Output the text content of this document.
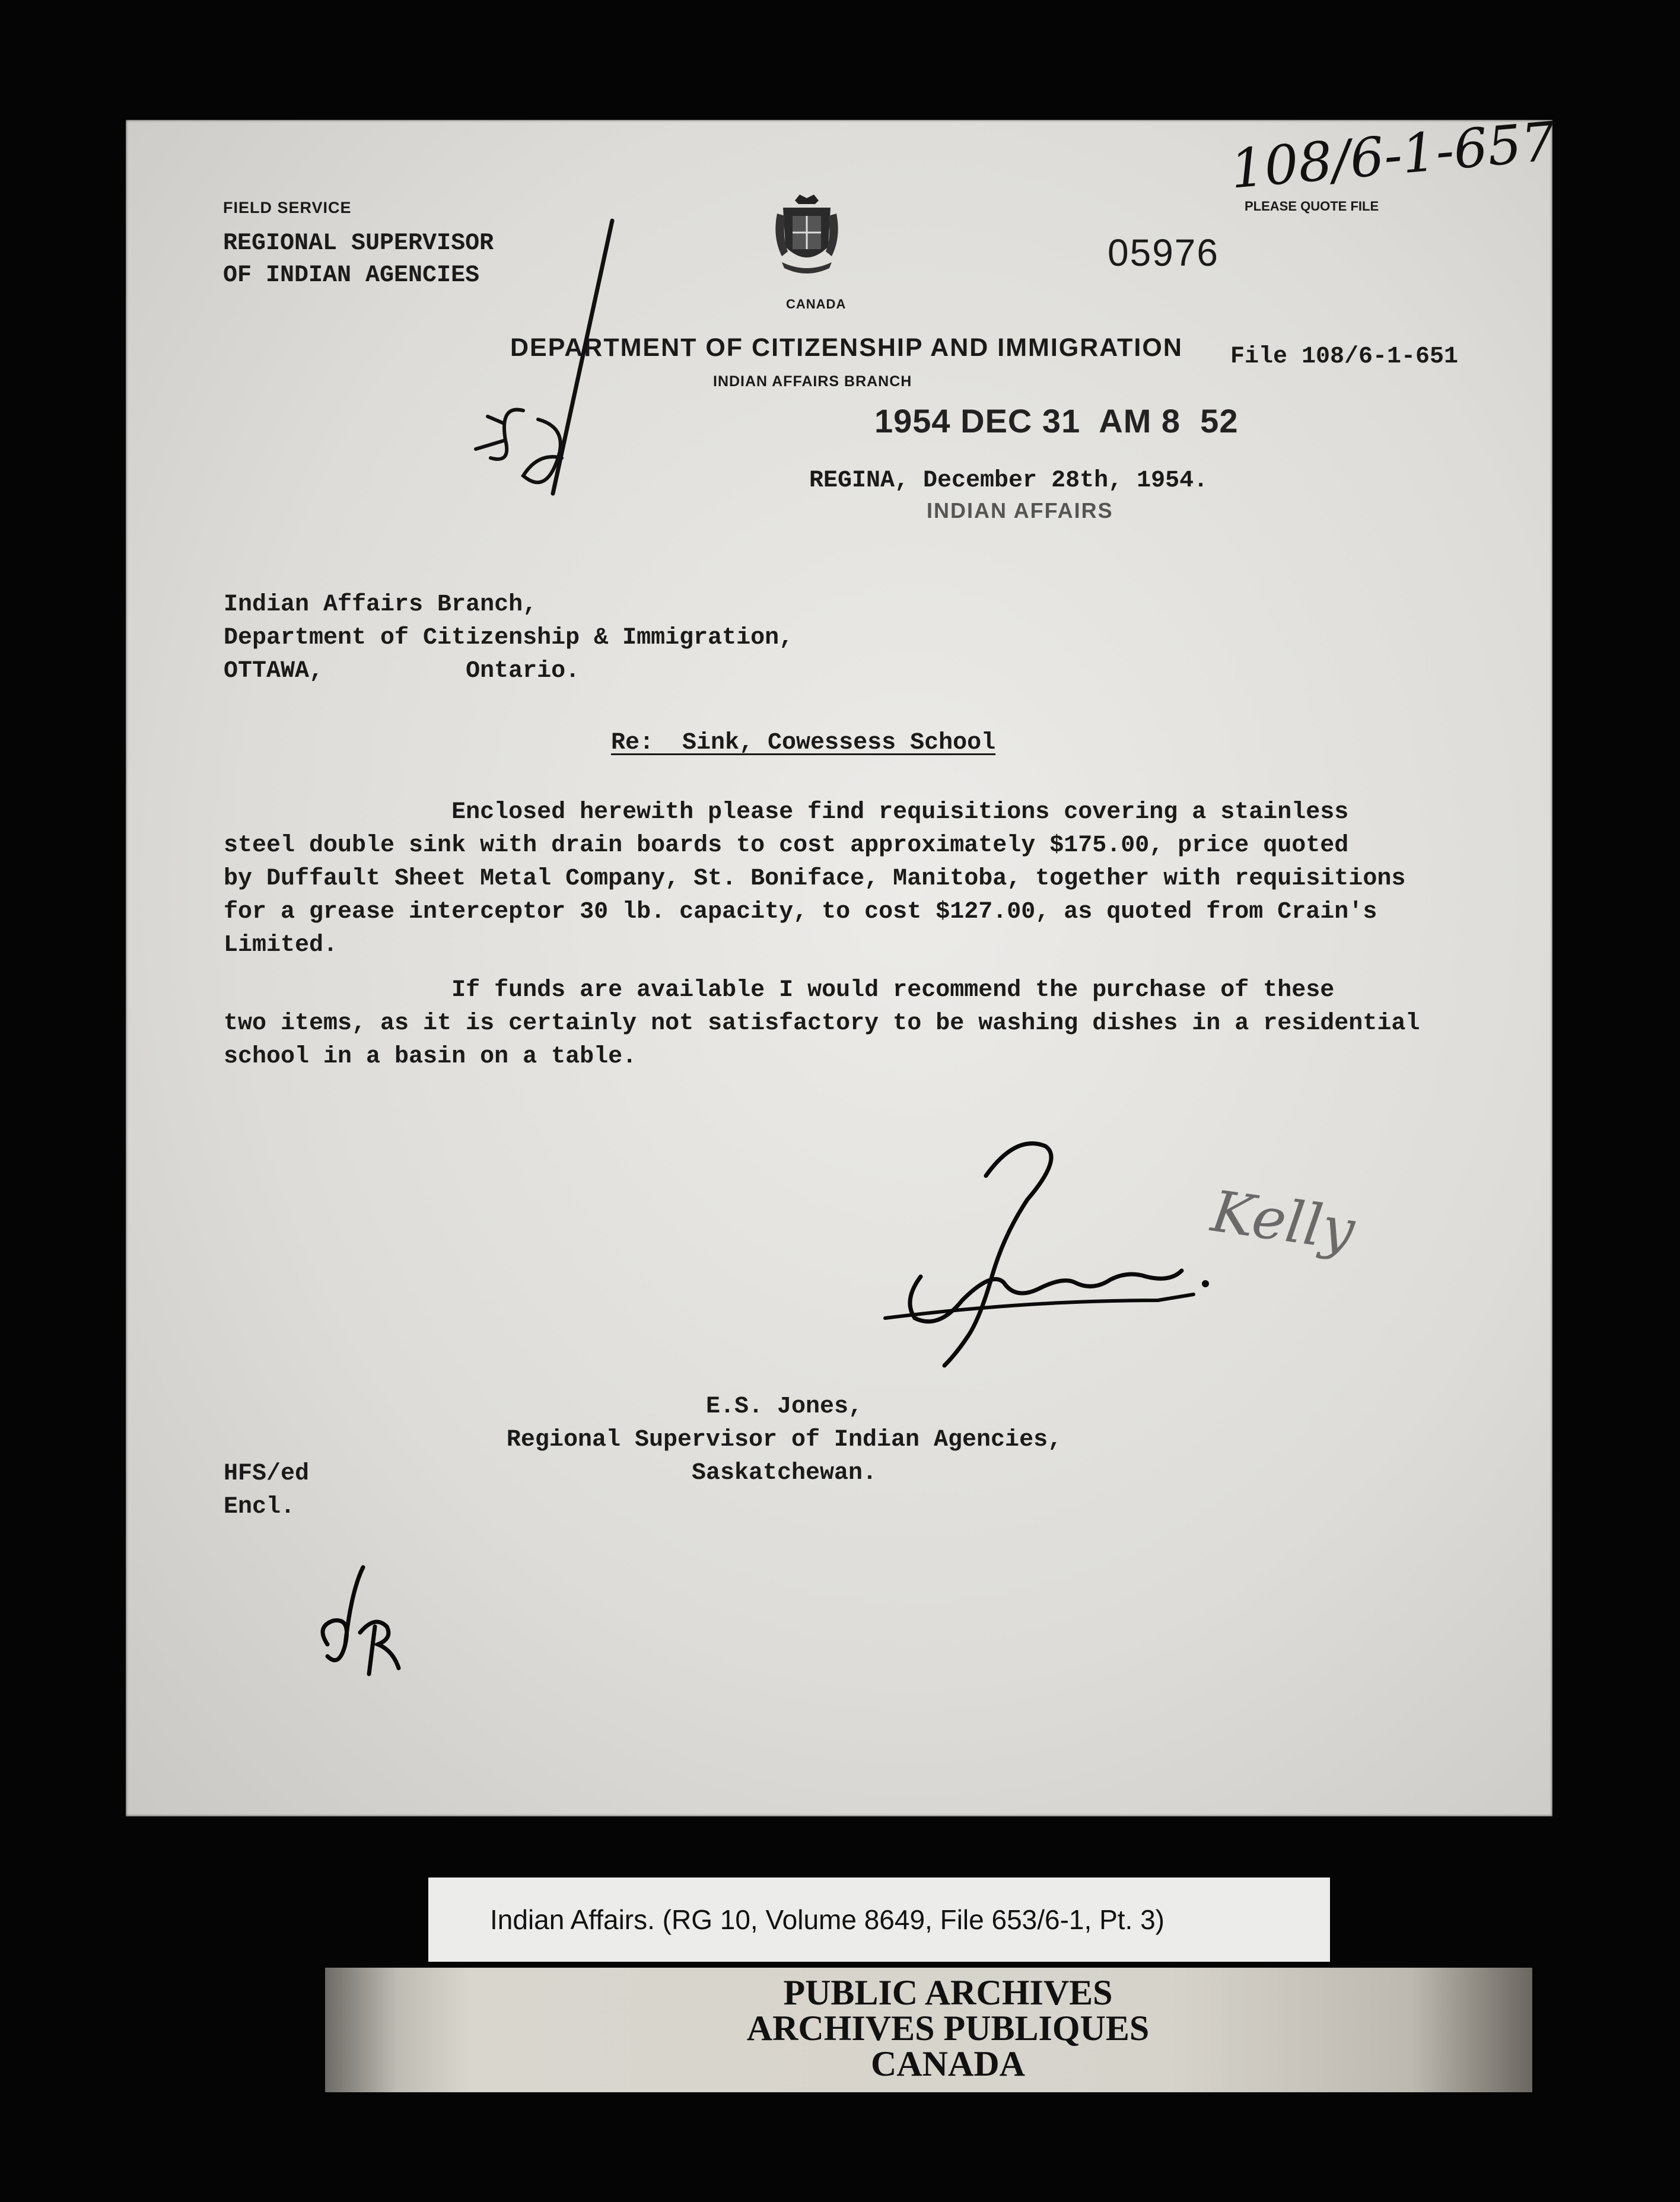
FIELD SERVICE
REGIONAL SUPERVISOR
OF INDIAN AGENCIES
CANADA
05976
108/6-1-657
PLEASE QUOTE FILE
DEPARTMENT OF CITIZENSHIP AND IMMIGRATION
INDIAN AFFAIRS BRANCH
File 108/6-1-651
1954 DEC 31  AM 8  52
REGINA, December 28th, 1954.
INDIAN AFFAIRS
Indian Affairs Branch,
Department of Citizenship & Immigration,
OTTAWA,          Ontario.
Re:  Sink, Cowessess School
Enclosed herewith please find requisitions covering a stainless
steel double sink with drain boards to cost approximately $175.00, price quoted
by Duffault Sheet Metal Company, St. Boniface, Manitoba, together with requisitions
for a grease interceptor 30 lb. capacity, to cost $127.00, as quoted from Crain's
Limited.
If funds are available I would recommend the purchase of these
two items, as it is certainly not satisfactory to be washing dishes in a residential
school in a basin on a table.
Kelly
E.S. Jones,
Regional Supervisor of Indian Agencies,
Saskatchewan.
HFS/ed
Encl.
Indian Affairs. (RG 10, Volume 8649, File 653/6-1, Pt. 3)
PUBLIC ARCHIVES
ARCHIVES PUBLIQUES
CANADA
